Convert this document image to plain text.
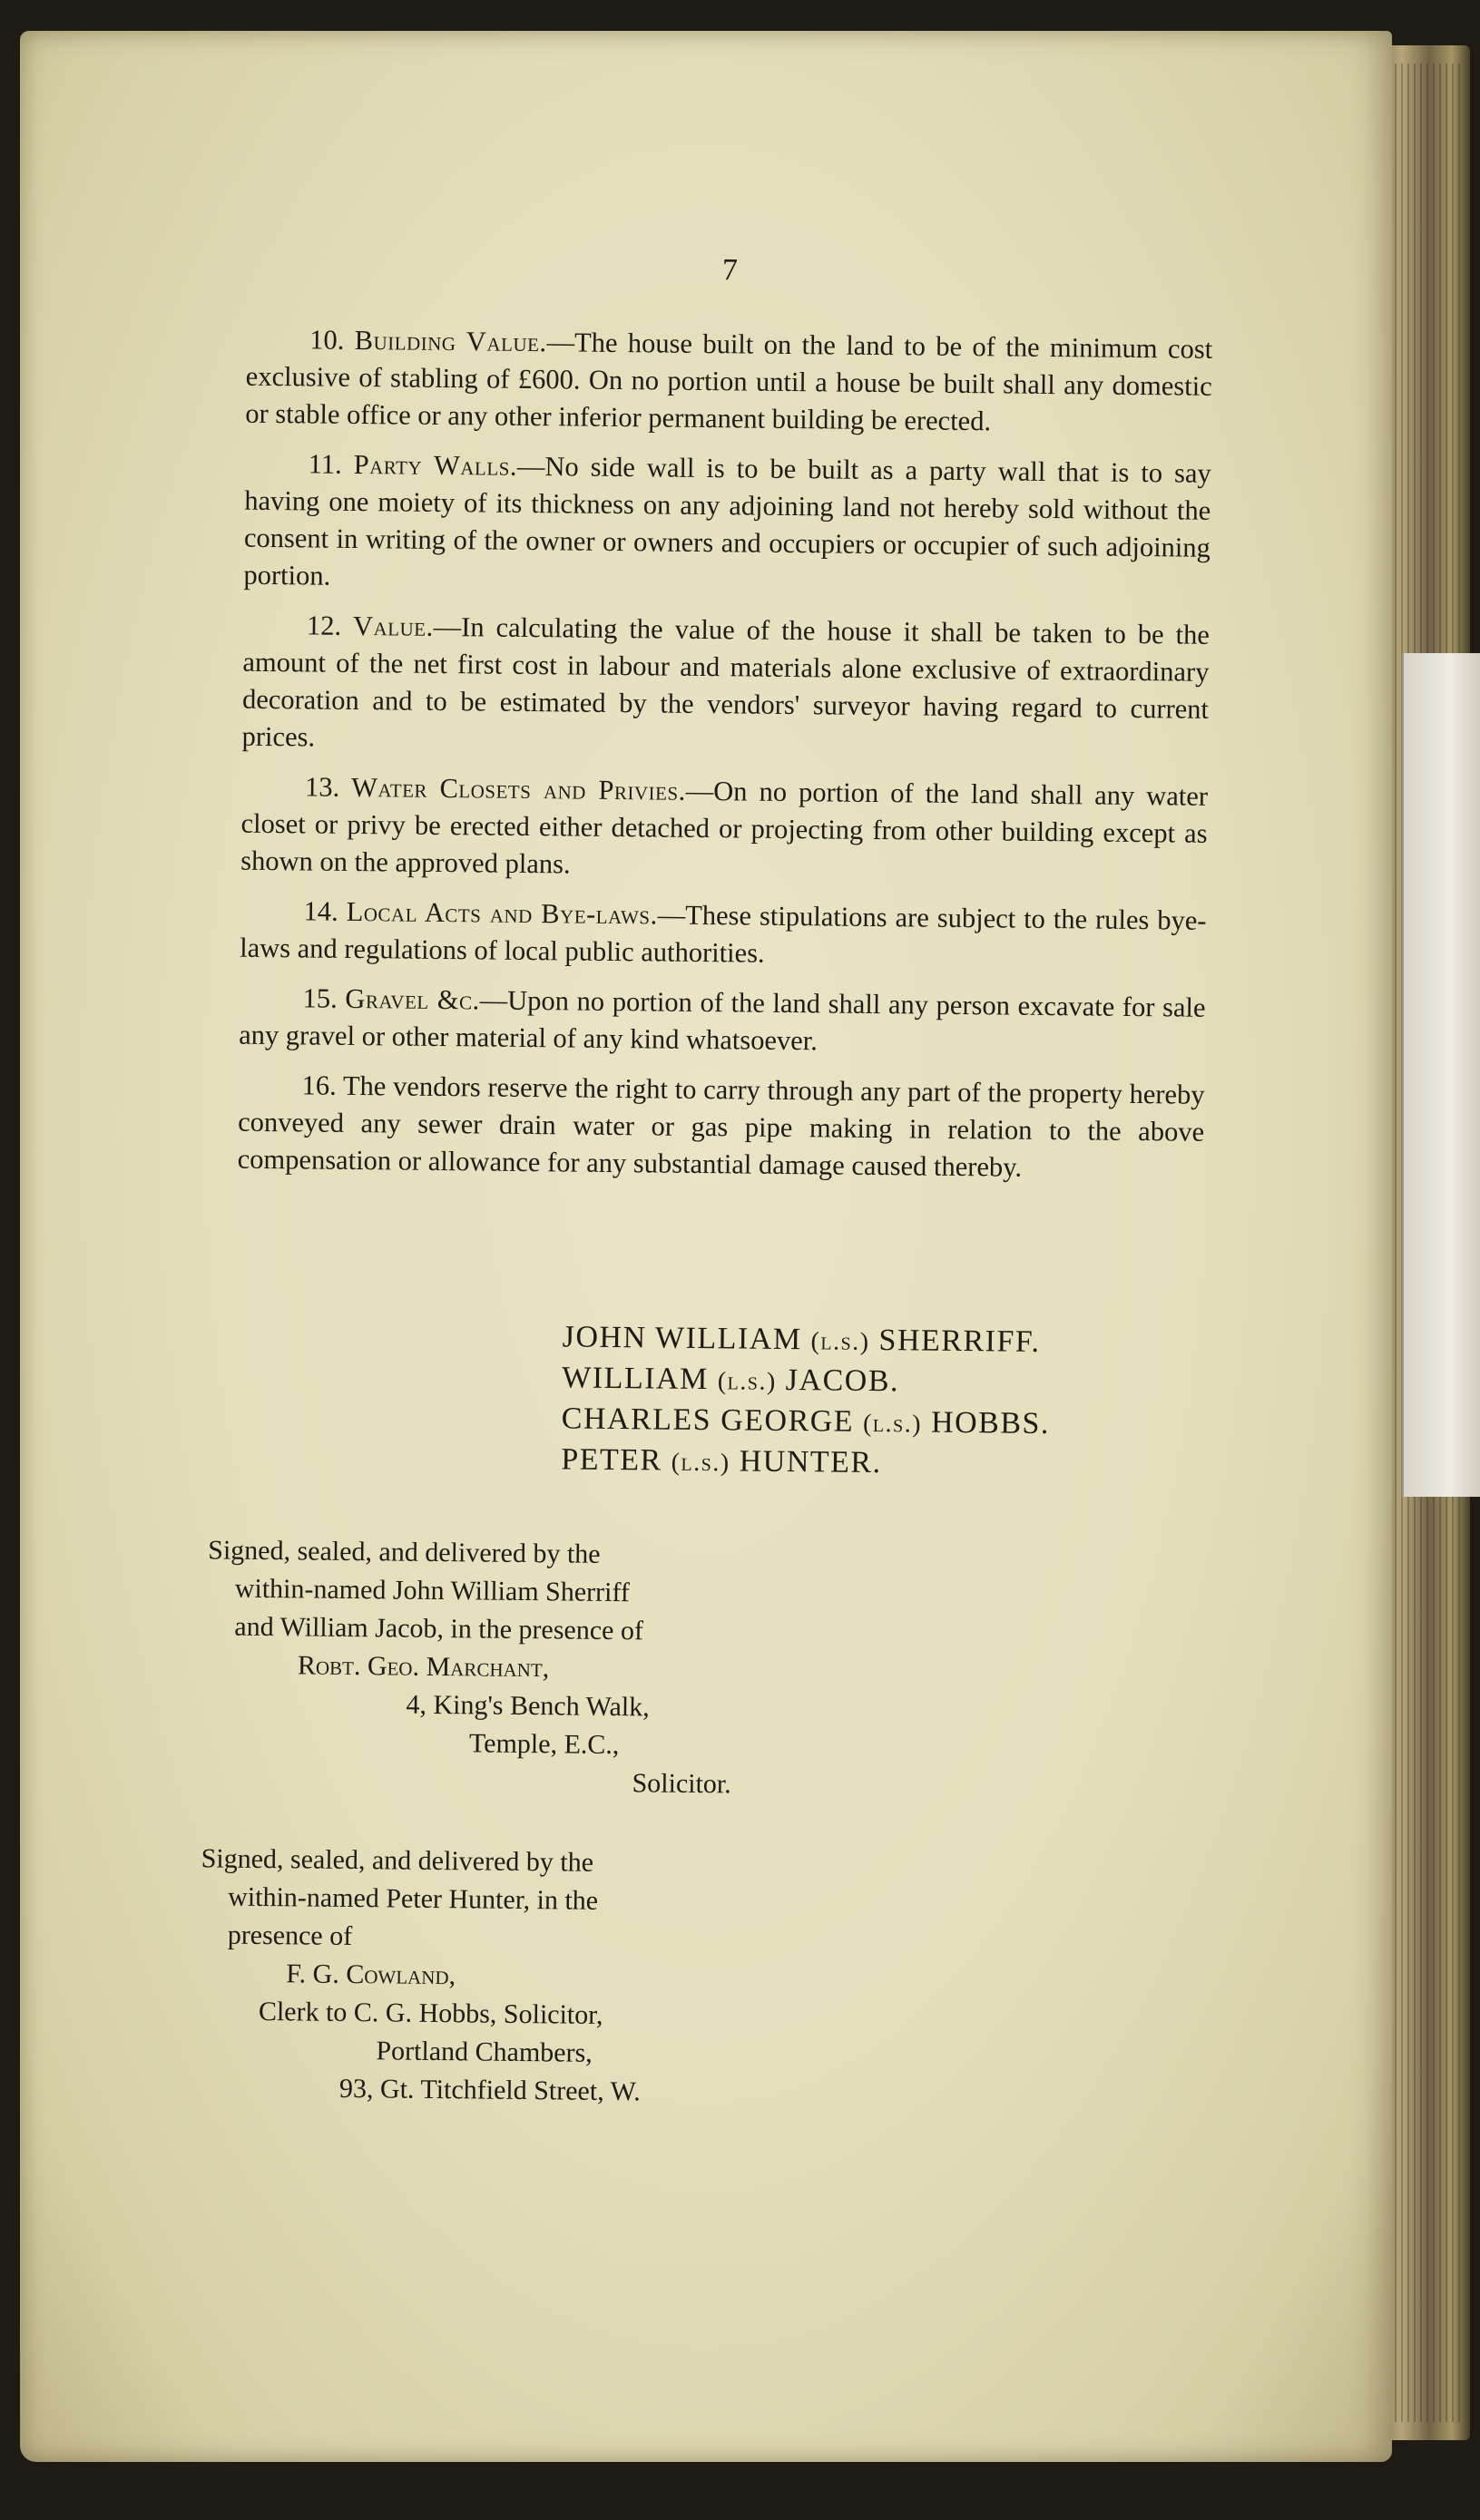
7

10. Building Value.—The house built on the land to be of the minimum cost exclusive of stabling of £600. On no portion until a house be built shall any domestic or stable office or any other inferior permanent building be erected.

11. Party Walls.—No side wall is to be built as a party wall that is to say having one moiety of its thickness on any adjoining land not hereby sold without the consent in writing of the owner or owners and occupiers or occupier of such adjoining portion.

12. Value.—In calculating the value of the house it shall be taken to be the amount of the net first cost in labour and materials alone exclusive of extraordinary decoration and to be estimated by the vendors' surveyor having regard to current prices.

13. Water Closets and Privies.—On no portion of the land shall any water closet or privy be erected either detached or projecting from other building except as shown on the approved plans.

14. Local Acts and Bye-laws.—These stipulations are subject to the rules bye-laws and regulations of local public authorities.

15. Gravel &c.—Upon no portion of the land shall any person excavate for sale any gravel or other material of any kind whatsoever.

16. The vendors reserve the right to carry through any part of the property hereby conveyed any sewer drain water or gas pipe making in relation to the above compensation or allowance for any substantial damage caused thereby.

JOHN WILLIAM (l.s.) SHERRIFF.
WILLIAM (l.s.) JACOB.
CHARLES GEORGE (l.s.) HOBBS.
PETER (l.s.) HUNTER.
Signed, sealed, and delivered by the
within-named John William Sherriff
and William Jacob, in the presence of
Robt. Geo. Marchant,
4, King's Bench Walk,
Temple, E.C.,
Solicitor.
Signed, sealed, and delivered by the
within-named Peter Hunter, in the
presence of
F. G. Cowland,
Clerk to C. G. Hobbs, Solicitor,
Portland Chambers,
93, Gt. Titchfield Street, W.
